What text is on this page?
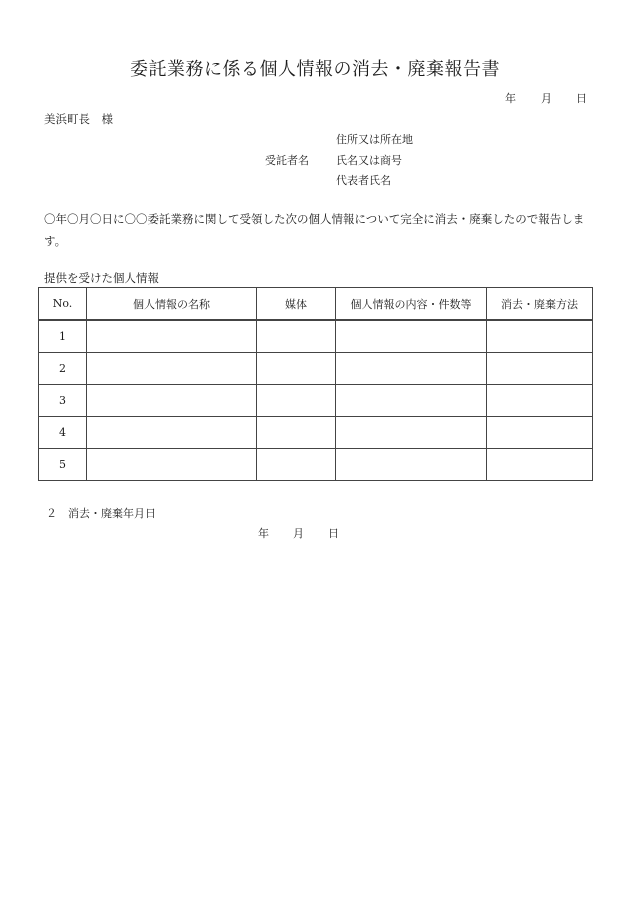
委託業務に係る個人情報の消去・廃棄報告書
年 月 日
美浜町長　様
住所又は所在地
受託者名 氏名又は商号
代表者氏名
〇年〇月〇日に〇〇委託業務に関して受領した次の個人情報について完全に消去・廃棄したので報告します。
提供を受けた個人情報
No.	個人情報の名称	媒体	個人情報の内容・件数等	消去・廃棄方法
1				
2				
3				
4				
5				
２　消去・廃棄年月日
年 月 日
